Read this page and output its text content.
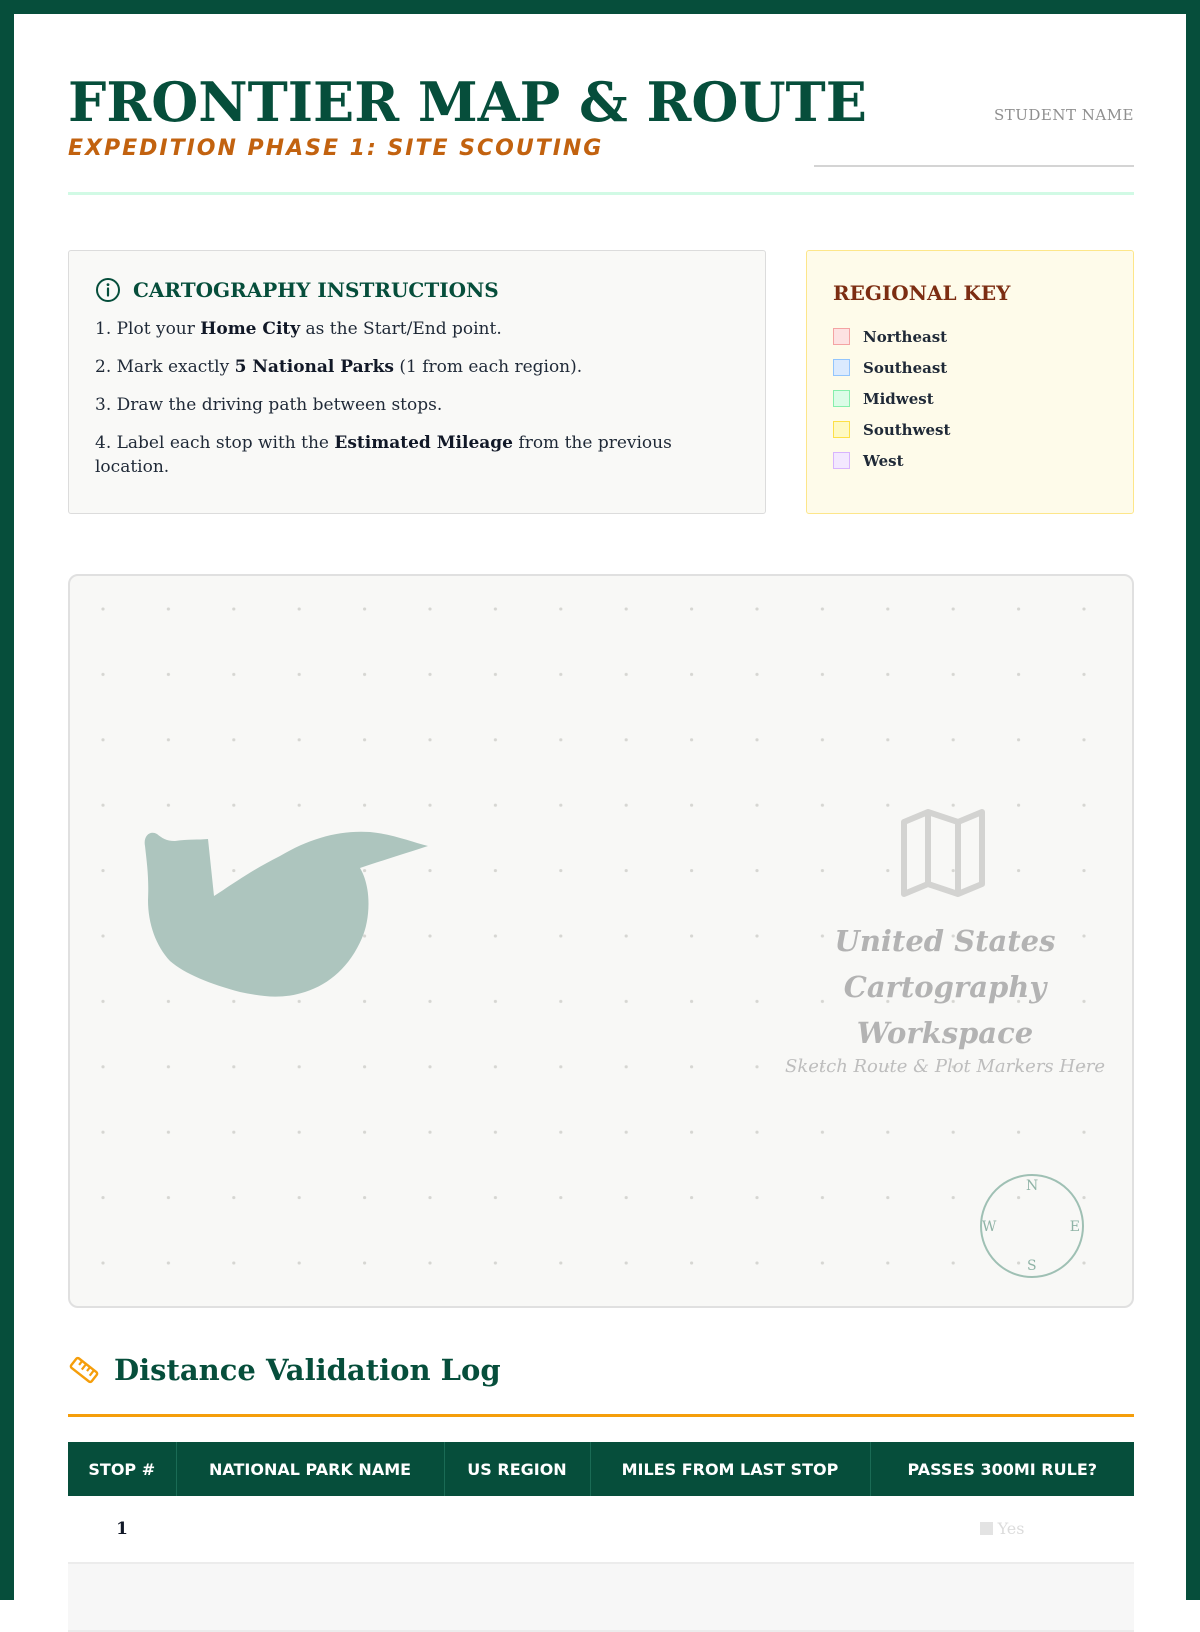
FRONTIER MAP & ROUTE
EXPEDITION PHASE 1: SITE SCOUTING
STUDENT NAME
CARTOGRAPHY INSTRUCTIONS
1. Plot your Home City as the Start/End point.
2. Mark exactly 5 National Parks (1 from each region).
3. Draw the driving path between stops.
4. Label each stop with the Estimated Mileage from the previous location.
REGIONAL KEY
Northeast
Southeast
Midwest
Southwest
West
United States
Cartography
Workspace
Sketch Route & Plot Markers Here
N
E
S
W
Distance Validation Log
STOP #	NATIONAL PARK NAME	US REGION	MILES FROM LAST STOP	PASSES 300MI RULE?
1				Yes
